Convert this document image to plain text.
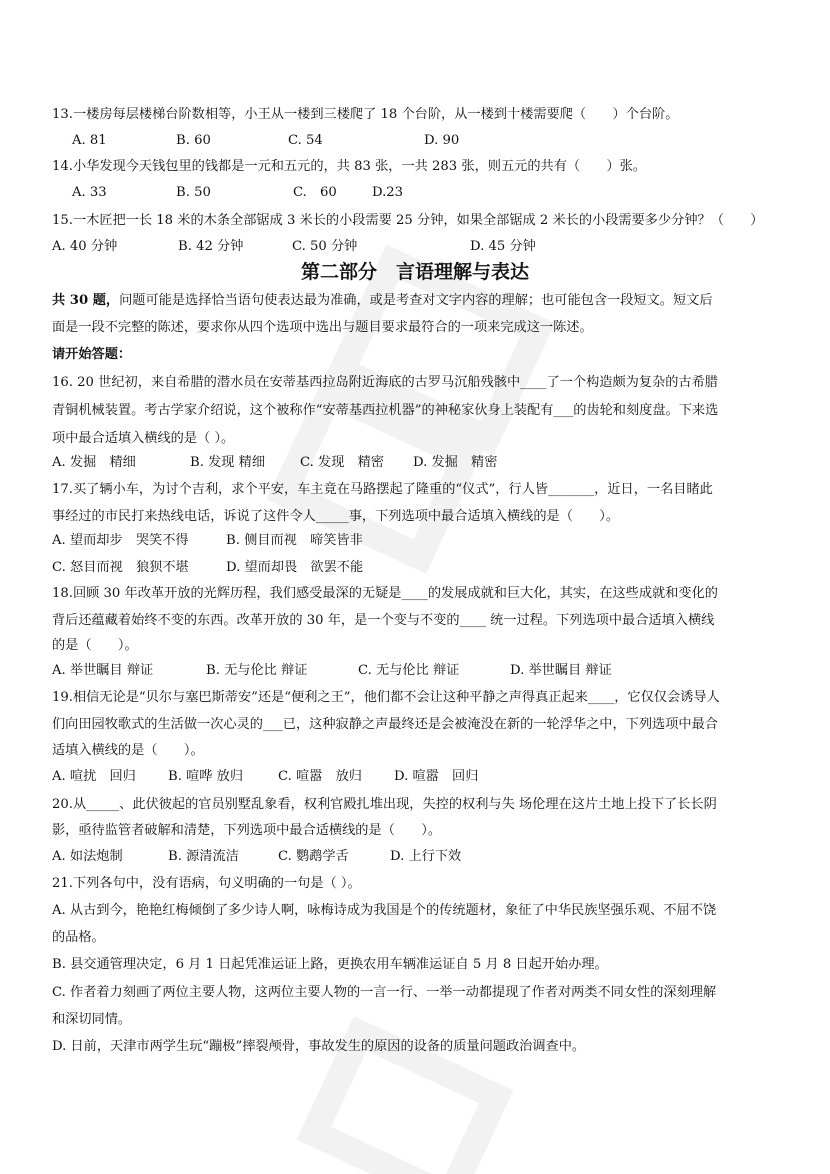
13.一楼房每层楼梯台阶数相等，小王从一楼到三楼爬了 18 个台阶，从一楼到十楼需要爬（　　）个台阶。
A. 81	B. 60	C. 54	D. 90
14.小华发现今天钱包里的钱都是一元和五元的，共 83 张，一共 283 张，则五元的共有（　　）张。
A. 33	B. 50	C.　60	D.23
15.一木匠把一长 18 米的木条全部锯成 3 米长的小段需要 25 分钟，如果全部锯成 2 米长的小段需要多少分钟？（　　）
A. 40 分钟	B. 42 分钟	C. 50 分钟	D. 45 分钟
第二部分　言语理解与表达
共 30 题，问题可能是选择恰当语句使表达最为准确，或是考查对文字内容的理解；也可能包含一段短文。短文后
面是一段不完整的陈述，要求你从四个选项中选出与题目要求最符合的一项来完成这一陈述。
请开始答题：
16. 20 世纪初，来自希腊的潜水员在安蒂基西拉岛附近海底的古罗马沉船残骸中____了一个构造颇为复杂的古希腊
青铜机械装置。考古学家介绍说，这个被称作“安蒂基西拉机器”的神秘家伙身上装配有___的齿轮和刻度盘。下来选
项中最合适填入横线的是（ ）。
A. 发掘　精细	B. 发现 精细	C. 发现　精密 D. 发掘　精密
17.买了辆小车，为讨个吉利，求个平安，车主竟在马路摆起了隆重的“仪式”，行人皆_______，近日，一名目睹此
事经过的市民打来热线电话，诉说了这件令人_____事，下列选项中最合适填入横线的是（　　）。
A. 望而却步　哭笑不得	B. 侧目而视　啼笑皆非
C. 怒目而视　狼狈不堪	D. 望而却畏　欲罢不能
18.回顾 30 年改革开放的光辉历程，我们感受最深的无疑是____的发展成就和巨大化，其实，在这些成就和变化的
背后还蕴藏着始终不变的东西。改革开放的 30 年，是一个变与不变的____ 统一过程。下列选项中最合适填入横线
的是（　　）。
A. 举世瞩目 辩证	B. 无与伦比 辩证	C. 无与伦比 辩证	D. 举世瞩目 辩证
19.相信无论是“贝尔与塞巴斯蒂安”还是“便利之王”，他们都不会让这种平静之声得真正起来____，它仅仅会诱导人
们向田园牧歌式的生活做一次心灵的___已，这种寂静之声最终还是会被淹没在新的一轮浮华之中，下列选项中最合
适填入横线的是（　　）。
A. 喧扰　回归 B. 喧哗 放归	C. 喧嚣　放归 D. 喧嚣　回归
20.从_____、此伏彼起的官员别墅乱象看，权利官殿扎堆出现，失控的权利与失 场伦理在这片土地上投下了长长阴
影，亟待监管者破解和清楚，下列选项中最合适横线的是（　　）。
A. 如法炮制	B. 源清流洁	C. 鹦鹉学舌	D. 上行下效
21.下列各句中，没有语病，句义明确的一句是（ ）。
A. 从古到今，艳艳红梅倾倒了多少诗人啊，咏梅诗成为我国是个的传统题材，象征了中华民族坚强乐观、不屈不饶
的品格。
B. 县交通管理决定，6 月 1 日起凭准运证上路，更换农用车辆准运证自 5 月 8 日起开始办理。
C. 作者着力刻画了两位主要人物，这两位主要人物的一言一行、一举一动都提现了作者对两类不同女性的深刻理解
和深切同情。
D. 日前，天津市两学生玩“蹦极”摔裂颅骨，事故发生的原因的设备的质量问题政治调查中。
